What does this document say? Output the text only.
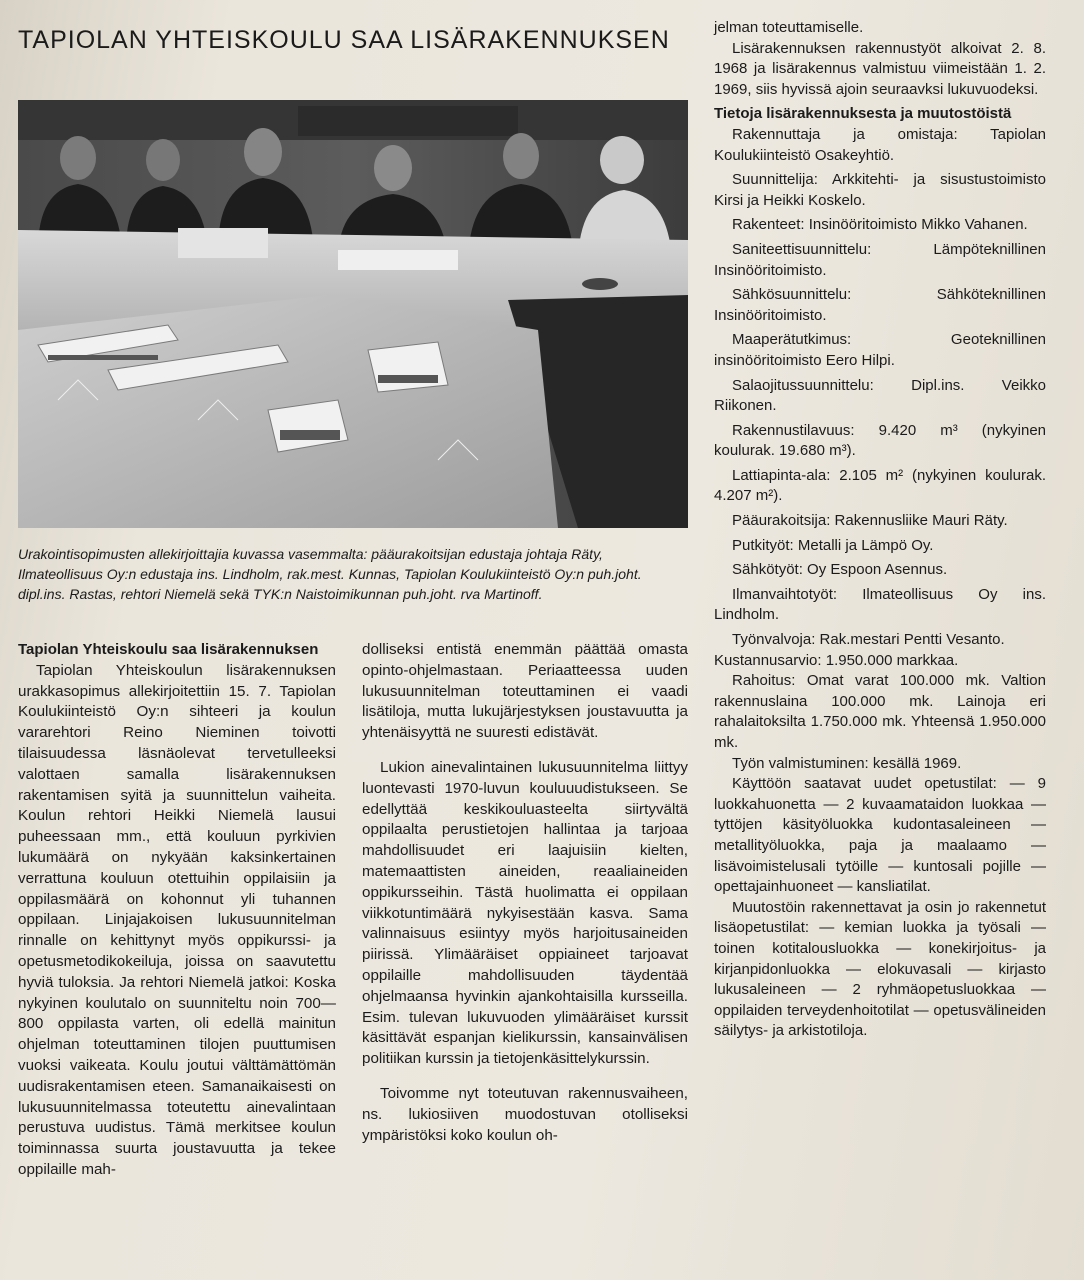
TAPIOLAN YHTEISKOULU SAA LISÄRAKENNUKSEN

Urakointisopimusten allekirjoittajia kuvassa vasemmalta: pääurakoitsijan edustaja johtaja Räty, Ilmateollisuus Oy:n edustaja ins. Lindholm, rak.mest. Kunnas, Tapiolan Koulukiinteistö Oy:n puh.joht. dipl.ins. Rastas, rehtori Niemelä sekä TYK:n Naistoimikunnan puh.joht. rva Martinoff.

Tapiolan Yhteiskoulu saa lisärakennuksen

Tapiolan Yhteiskoulun lisärakennuksen urakkasopimus allekirjoitettiin 15. 7. Tapiolan Koulukiinteistö Oy:n sihteeri ja koulun vararehtori Reino Nieminen toivotti tilaisuudessa läsnäolevat tervetulleeksi valottaen samalla lisärakennuksen rakentamisen syitä ja suunnittelun vaiheita. Koulun rehtori Heikki Niemelä lausui puheessaan mm., että kouluun pyrkivien lukumäärä on nykyään kaksinkertainen verrattuna kouluun otettuihin oppilaisiin ja oppilasmäärä on kohonnut yli tuhannen oppilaan. Linjajakoisen lukusuunnitelman rinnalle on kehittynyt myös oppikurssi- ja opetusmetodikokeiluja, joissa on saavutettu hyviä tuloksia. Ja rehtori Niemelä jatkoi: Koska nykyinen koulutalo on suunniteltu noin 700—800 oppilasta varten, oli edellä mainitun ohjelman toteuttaminen tilojen puuttumisen vuoksi vaikeata. Koulu joutui välttämättömän uudisrakentamisen eteen. Samanaikaisesti on lukusuunnitelmassa toteutettu ainevalintaan perustuva uudistus. Tämä merkitsee koulun toiminnassa suurta joustavuutta ja tekee oppilaille mah-

dolliseksi entistä enemmän päättää omasta opinto-ohjelmastaan. Periaatteessa uuden lukusuunnitelman toteuttaminen ei vaadi lisätiloja, mutta lukujärjestyksen joustavuutta ja yhtenäisyyttä ne suuresti edistävät.

Lukion ainevalintainen lukusuunnitelma liittyy luontevasti 1970-luvun kouluuudistukseen. Se edellyttää keskikouluasteelta siirtyvältä oppilaalta perustietojen hallintaa ja tarjoaa mahdollisuudet eri laajuisiin kielten, matemaattisten aineiden, reaaliaineiden oppikursseihin. Tästä huolimatta ei oppilaan viikkotuntimäärä nykyisestään kasva. Sama valinnaisuus esiintyy myös harjoitusaineiden piirissä. Ylimääräiset oppiaineet tarjoavat oppilaille mahdollisuuden täydentää ohjelmaansa hyvinkin ajankohtaisilla kursseilla. Esim. tulevan lukuvuoden ylimääräiset kurssit käsittävät espanjan kielikurssin, kansainvälisen politiikan kurssin ja tietojenkäsittelykurssin.

Toivomme nyt toteutuvan rakennusvaiheen, ns. lukiosiiven muodostuvan otolliseksi ympäristöksi koko koulun oh-

jelman toteuttamiselle.

Lisärakennuksen rakennustyöt alkoivat 2. 8. 1968 ja lisärakennus valmistuu viimeistään 1. 2. 1969, siis hyvissä ajoin seuraavksi lukuvuodeksi.

Tietoja lisärakennuksesta ja muutostöistä

Rakennuttaja ja omistaja: Tapiolan Koulukiinteistö Osakeyhtiö.

Suunnittelija: Arkkitehti- ja sisustustoimisto Kirsi ja Heikki Koskelo.

Rakenteet: Insinööritoimisto Mikko Vahanen.

Saniteettisuunnittelu: Lämpöteknillinen Insinööritoimisto.

Sähkösuunnittelu: Sähköteknillinen Insinööritoimisto.

Maaperätutkimus: Geoteknillinen insinööritoimisto Eero Hilpi.

Salaojitussuunnittelu: Dipl.ins. Veikko Riikonen.

Rakennustilavuus: 9.420 m³ (nykyinen koulurak. 19.680 m³).

Lattiapinta-ala: 2.105 m² (nykyinen koulurak. 4.207 m²).

Pääurakoitsija: Rakennusliike Mauri Räty.

Putkityöt: Metalli ja Lämpö Oy.

Sähkötyöt: Oy Espoon Asennus.

Ilmanvaihtotyöt: Ilmateollisuus Oy ins. Lindholm.

Työnvalvoja: Rak.mestari Pentti Vesanto.

Kustannusarvio: 1.950.000 markkaa.

Rahoitus: Omat varat 100.000 mk. Valtion rakennuslaina 100.000 mk. Lainoja eri rahalaitoksilta 1.750.000 mk. Yhteensä 1.950.000 mk.

Työn valmistuminen: kesällä 1969.

Käyttöön saatavat uudet opetustilat: — 9 luokkahuonetta — 2 kuvaamataidon luokkaa — tyttöjen käsityöluokka kudontasaleineen — metallityöluokka, paja ja maalaamo — lisävoimistelusali tytöille — kuntosali pojille — opettajainhuoneet — kansliatilat.

Muutostöin rakennettavat ja osin jo rakennetut lisäopetustilat: — kemian luokka ja työsali — toinen kotitalousluokka — konekirjoitus- ja kirjanpidonluokka — elokuvasali — kirjasto lukusaleineen — 2 ryhmäopetusluokkaa — oppilaiden terveydenhoitotilat — opetusvälineiden säilytys- ja arkistotiloja.
